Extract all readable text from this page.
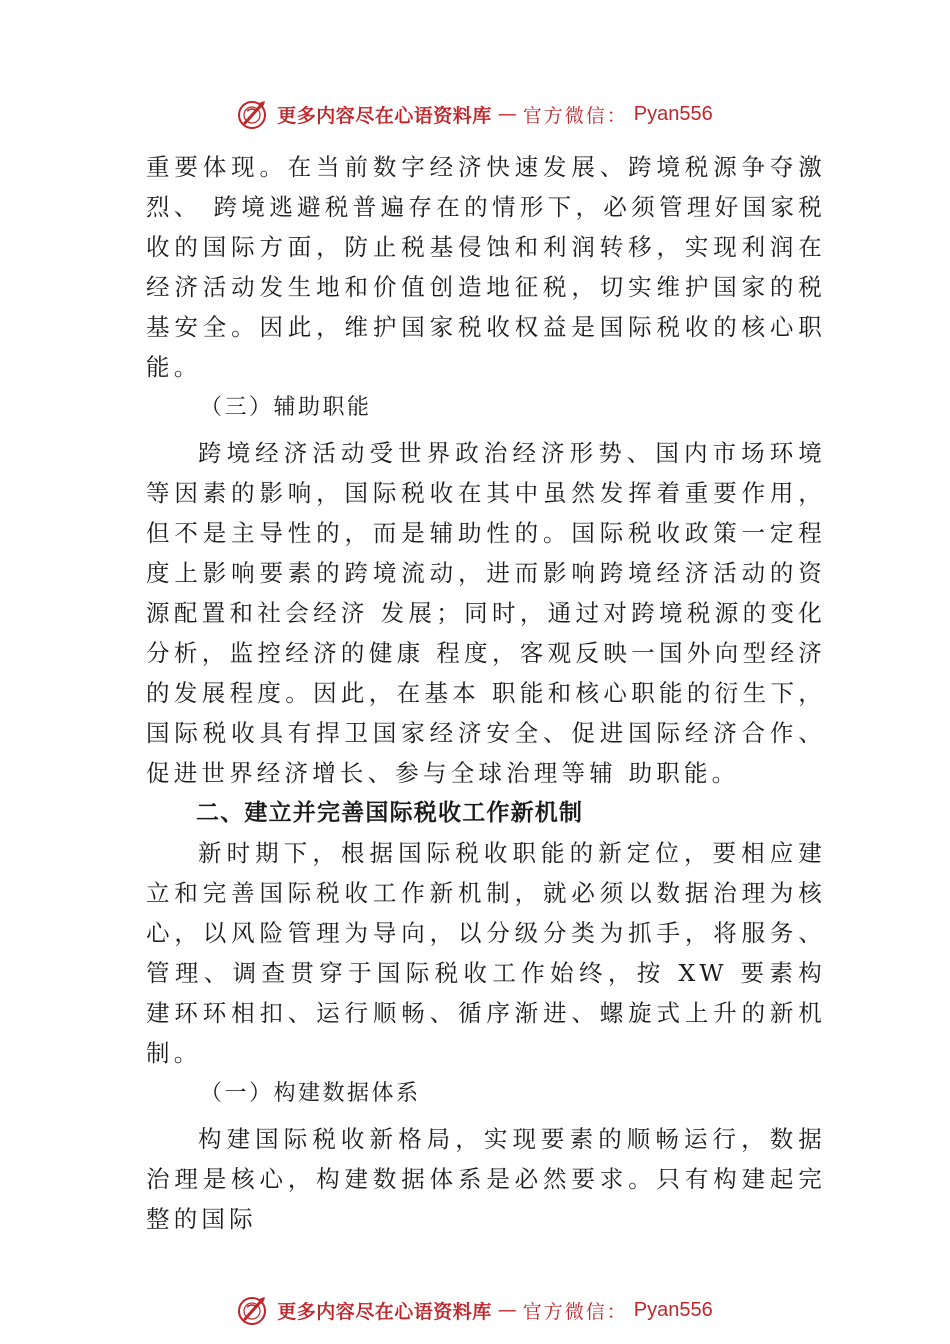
更多内容尽在心语资料库 — 官方微信： Pyan556

重要体现。在当前数字经济快速发展、跨境税源争夺激烈、 跨境逃避税普遍存在的情形下，必须管理好国家税收的国际方面，防止税基侵蚀和利润转移，实现利润在经济活动发生地和价值创造地征税，切实维护国家的税基安全。因此，维护国家税收权益是国际税收的核心职能。

（三）辅助职能

跨境经济活动受世界政治经济形势、国内市场环境等因素的影响，国际税收在其中虽然发挥着重要作用，但不是主导性的，而是辅助性的。国际税收政策一定程度上影响要素的跨境流动，进而影响跨境经济活动的资源配置和社会经济 发展；同时，通过对跨境税源的变化分析，监控经济的健康 程度，客观反映一国外向型经济的发展程度。因此，在基本 职能和核心职能的衍生下，国际税收具有捍卫国家经济安全、促进国际经济合作、促进世界经济增长、参与全球治理等辅 助职能。

二、建立并完善国际税收工作新机制

新时期下，根据国际税收职能的新定位，要相应建立和完善国际税收工作新机制，就必须以数据治理为核心，以风险管理为导向，以分级分类为抓手，将服务、管理、调查贯穿于国际税收工作始终，按 XW 要素构建环环相扣、运行顺畅、循序渐进、螺旋式上升的新机制。

（一）构建数据体系

构建国际税收新格局，实现要素的顺畅运行，数据治理是核心，构建数据体系是必然要求。只有构建起完整的国际

更多内容尽在心语资料库 — 官方微信： Pyan556
